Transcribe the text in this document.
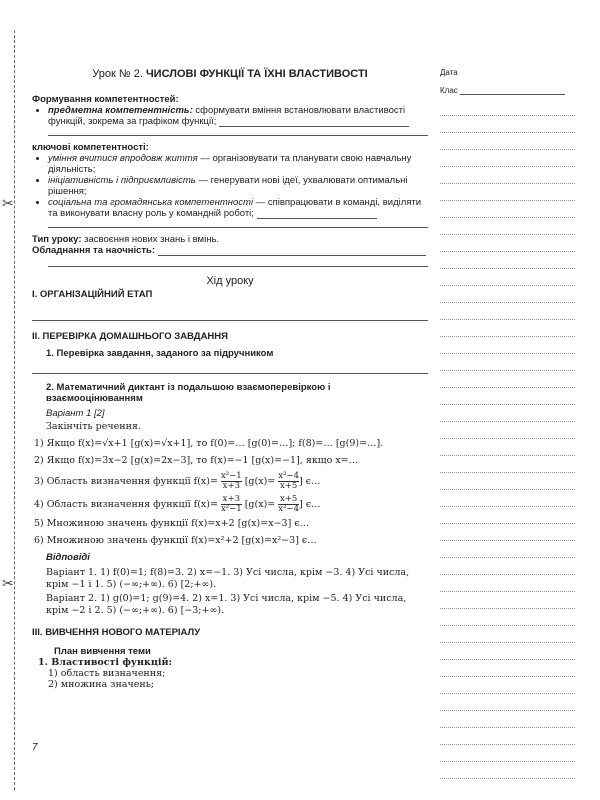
✂
✂
Дата
Клас
Урок № 2. ЧИСЛОВІ ФУНКЦІЇ ТА ЇХНІ ВЛАСТИВОСТІ
Формування компетентностей:
• предметна компетентність: сформувати вміння встановлювати властивості функцій, зокрема за графіком функції;
ключові компетентності:
• уміння вчитися впродовж життя — організовувати та планувати свою навчальну діяльність;
• ініціативність і підприємливість — генерувати нові ідеї, ухвалювати оптимальні рішення;
• соціальна та громадянська компетентності — співпрацювати в команді, виділяти та виконувати власну роль у командній роботі;
Тип уроку: засвоєння нових знань і вмінь.
Обладнання та наочність:
Хід уроку
І. ОРГАНІЗАЦІЙНИЙ ЕТАП
ІІ. ПЕРЕВІРКА ДОМАШНЬОГО ЗАВДАННЯ
1. Перевірка завдання, заданого за підручником
2. Математичний диктант із подальшою взаємоперевіркою і взаємооцінюванням
Варіант 1 [2]
Закінчіть речення.
1) Якщо f(x)=√x+1 [g(x)=√x+1], то f(0)=… [g(0)=…]; f(8)=… [g(9)=…].
2) Якщо f(x)=3x−2 [g(x)=2x−3], то f(x)=−1 [g(x)=−1], якщо x=…
3) Область визначення функції $f(x)= \frac{\text{x²−1}}{x+3} [g(x)= \frac{\text{x²−4}}{x+5}$ ] є…
4) Область визначення функції $f(x)= \frac{x+3}{\text{x²−1}} [g(x)= \frac{x+5}{\text{x²−4}}$ ] є…
5) Множиною значень функції f(x)=x+2 [g(x)=x−3] є…
6) Множиною значень функції f(x)=x²+2 [g(x)=x²−3] є…
Відповіді
Варіант 1. 1) f(0)=1; f(8)=3. 2) x=−1. 3) Усі числа, крім −3. 4) Усі числа, крім −1 і 1. 5) (−∞;+∞). 6) [2;+∞).
Варіант 2. 1) g(0)=1; g(9)=4. 2) x=1. 3) Усі числа, крім −5. 4) Усі числа, крім −2 і 2. 5) (−∞;+∞). 6) [−3;+∞).
ІІІ. ВИВЧЕННЯ НОВОГО МАТЕРІАЛУ
План вивчення теми
1. Властивості функцій:
1) область визначення;
2) множина значень;
7
